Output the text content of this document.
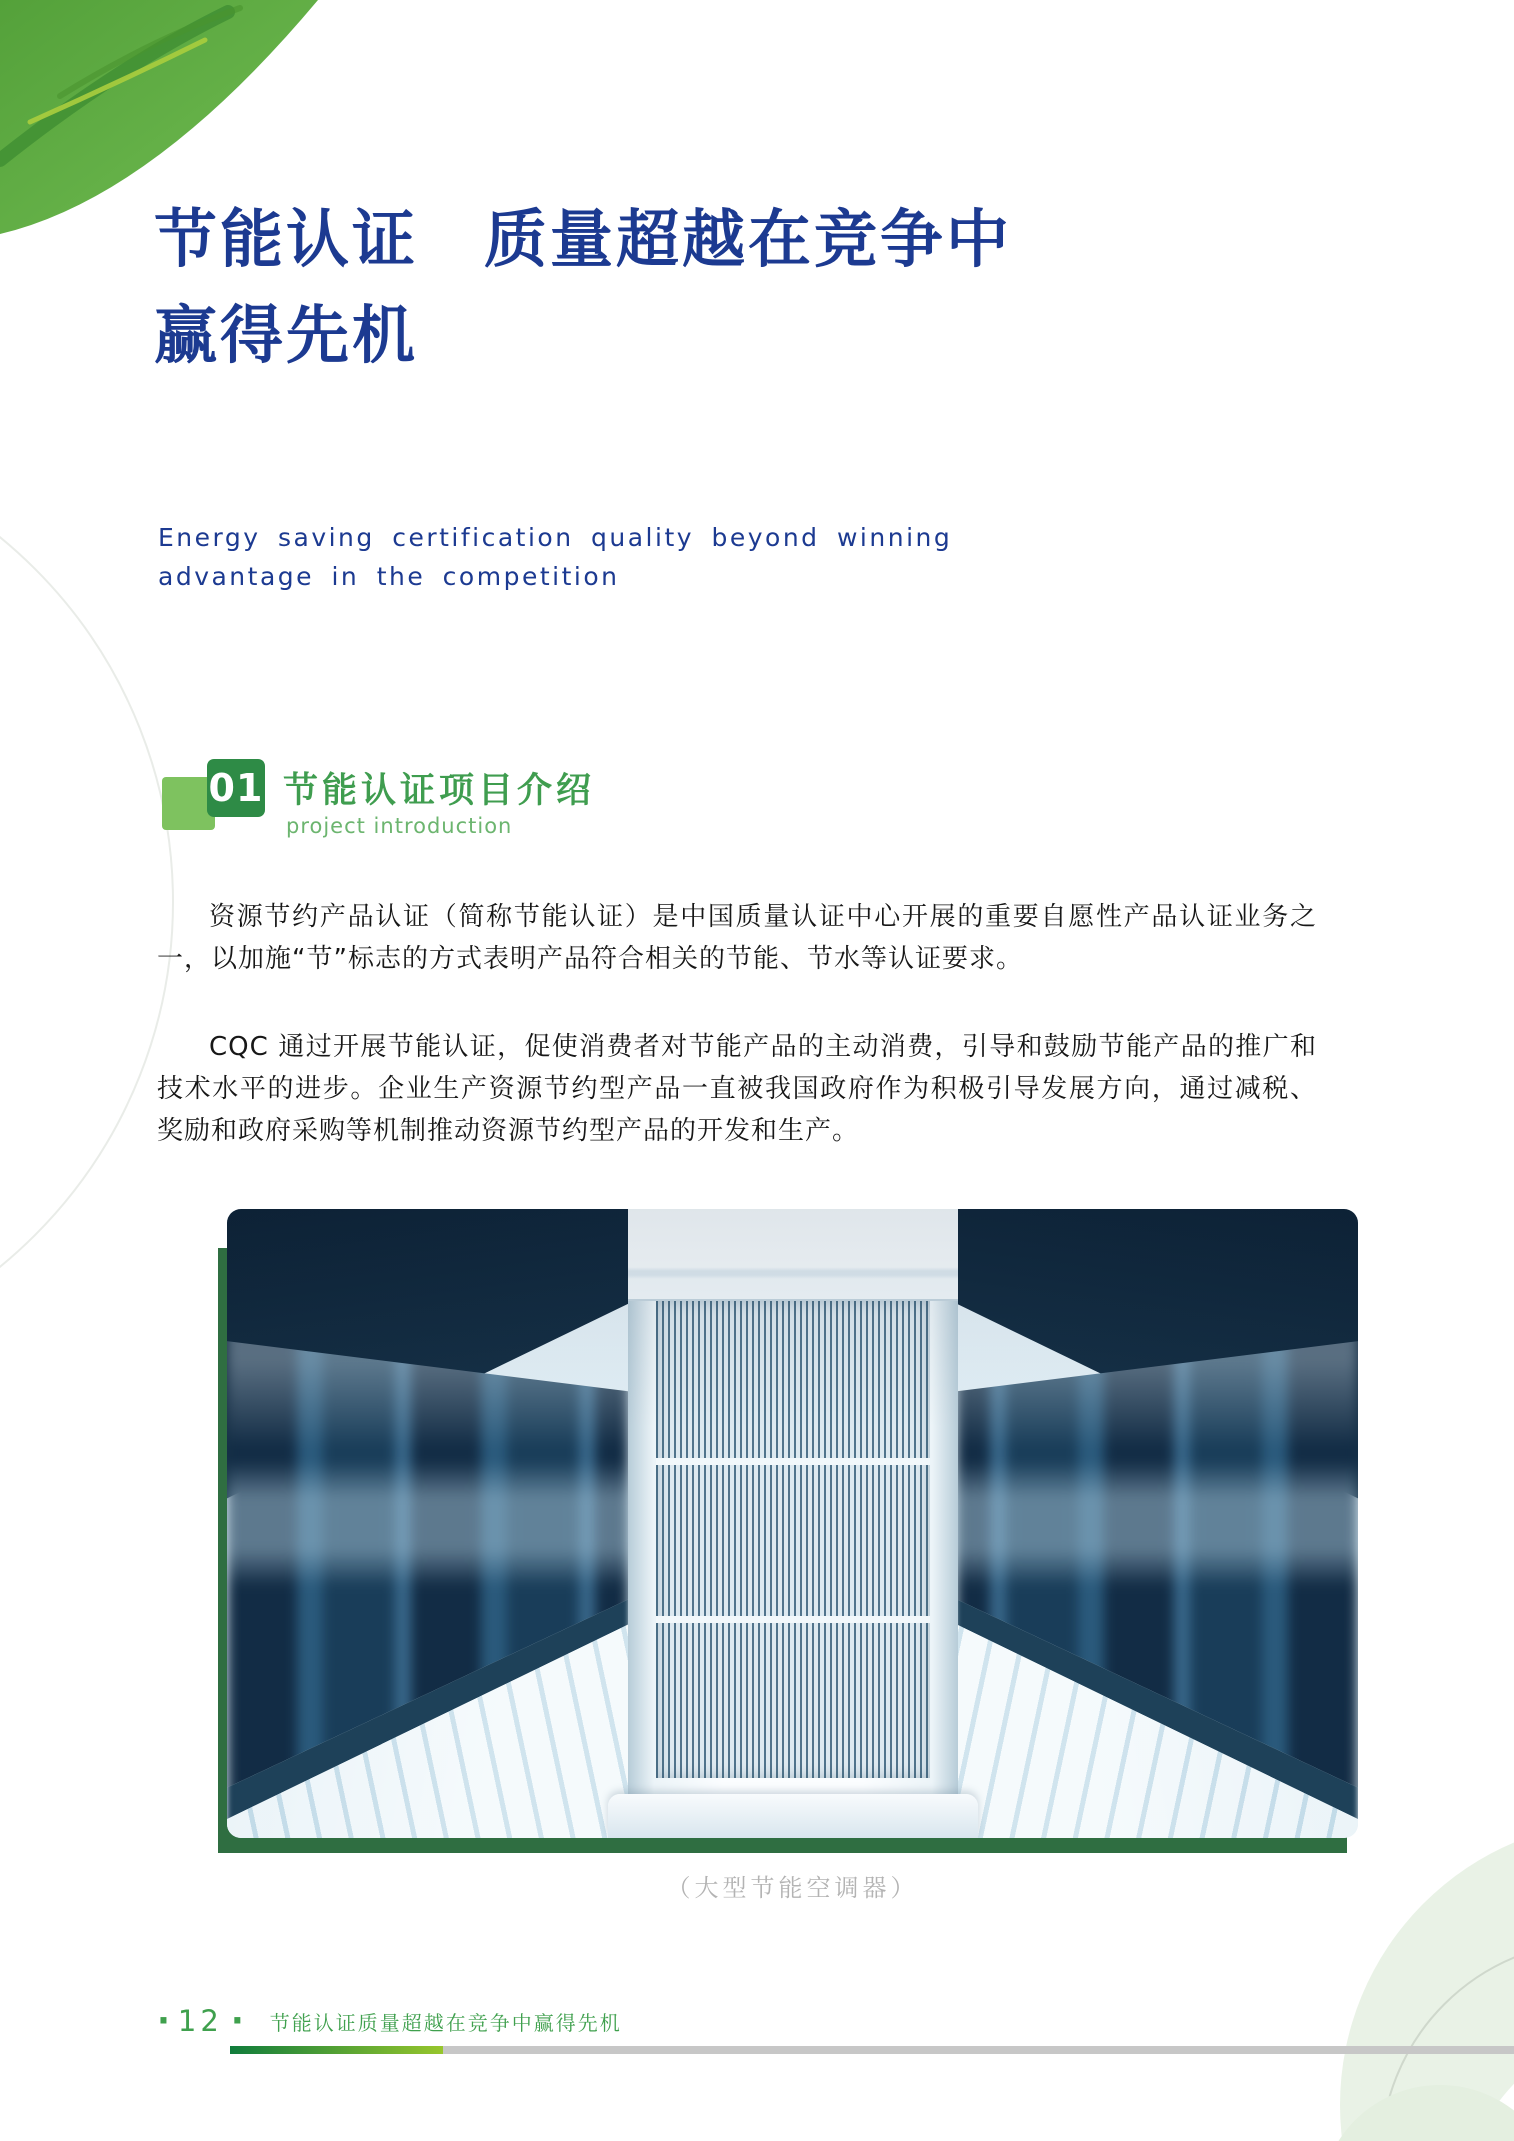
节能认证　质量超越在竞争中
赢得先机
Energy saving certification quality beyond winning
advantage in the competition
01 节能认证项目介绍
project introduction

资源节约产品认证（简称节能认证）是中国质量认证中心开展的重要自愿性产品认证业务之一，以加施“节”标志的方式表明产品符合相关的节能、节水等认证要求。

CQC 通过开展节能认证，促使消费者对节能产品的主动消费，引导和鼓励节能产品的推广和技术水平的进步。企业生产资源节约型产品一直被我国政府作为积极引导发展方向，通过减税、奖励和政府采购等机制推动资源节约型产品的开发和生产。

（大型节能空调器）
· 12 · 节能认证质量超越在竞争中赢得先机
